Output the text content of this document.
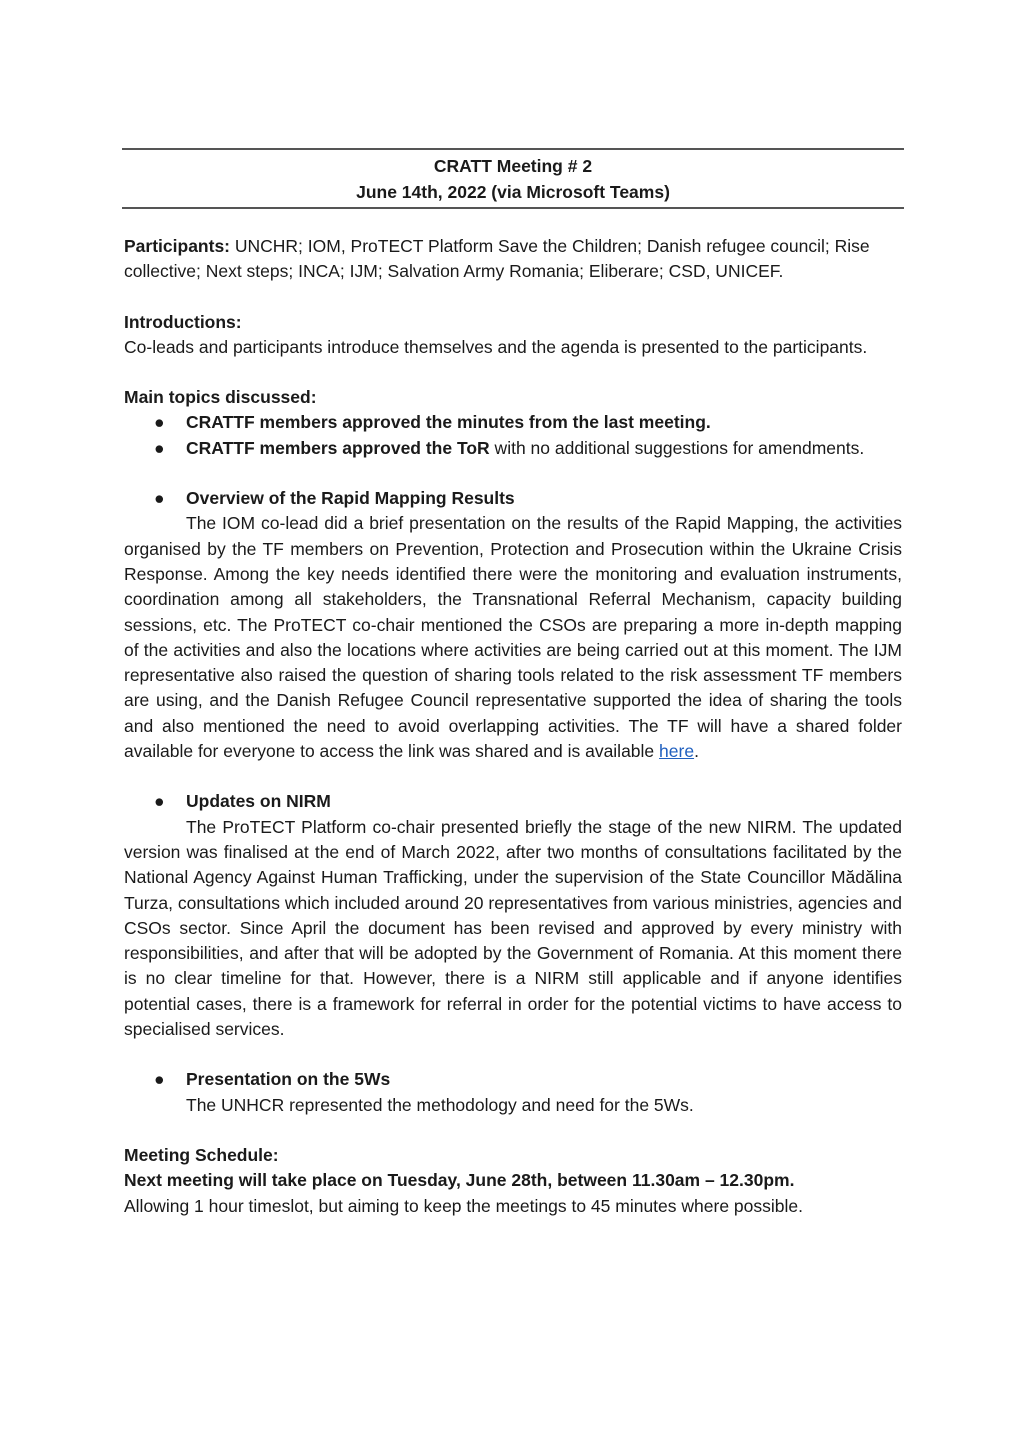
CRATT Meeting # 2
June 14th, 2022 (via Microsoft Teams)

Participants: UNCHR; IOM, ProTECT Platform Save the Children; Danish refugee council; Rise collective; Next steps; INCA; IJM; Salvation Army Romania; Eliberare; CSD, UNICEF.

Introductions:

Co-leads and participants introduce themselves and the agenda is presented to the participants.

Main topics discussed:

● CRATTF members approved the minutes from the last meeting.
● CRATTF members approved the ToR with no additional suggestions for amendments.
● Overview of the Rapid Mapping Results

The IOM co-lead did a brief presentation on the results of the Rapid Mapping, the activities organised by the TF members on Prevention, Protection and Prosecution within the Ukraine Crisis Response. Among the key needs identified there were the monitoring and evaluation instruments, coordination among all stakeholders, the Transnational Referral Mechanism, capacity building sessions, etc. The ProTECT co-chair mentioned the CSOs are preparing a more in-depth mapping of the activities and also the locations where activities are being carried out at this moment. The IJM representative also raised the question of sharing tools related to the risk assessment TF members are using, and the Danish Refugee Council representative supported the idea of sharing the tools and also mentioned the need to avoid overlapping activities. The TF will have a shared folder available for everyone to access the link was shared and is available here.

● Updates on NIRM

The ProTECT Platform co-chair presented briefly the stage of the new NIRM. The updated version was finalised at the end of March 2022, after two months of consultations facilitated by the National Agency Against Human Trafficking, under the supervision of the State Councillor Mădălina Turza, consultations which included around 20 representatives from various ministries, agencies and CSOs sector. Since April the document has been revised and approved by every ministry with responsibilities, and after that will be adopted by the Government of Romania. At this moment there is no clear timeline for that. However, there is a NIRM still applicable and if anyone identifies potential cases, there is a framework for referral in order for the potential victims to have access to specialised services.

● Presentation on the 5Ws

The UNHCR represented the methodology and need for the 5Ws.

Meeting Schedule:

Next meeting will take place on Tuesday, June 28th, between 11.30am – 12.30pm.

Allowing 1 hour timeslot, but aiming to keep the meetings to 45 minutes where possible.
